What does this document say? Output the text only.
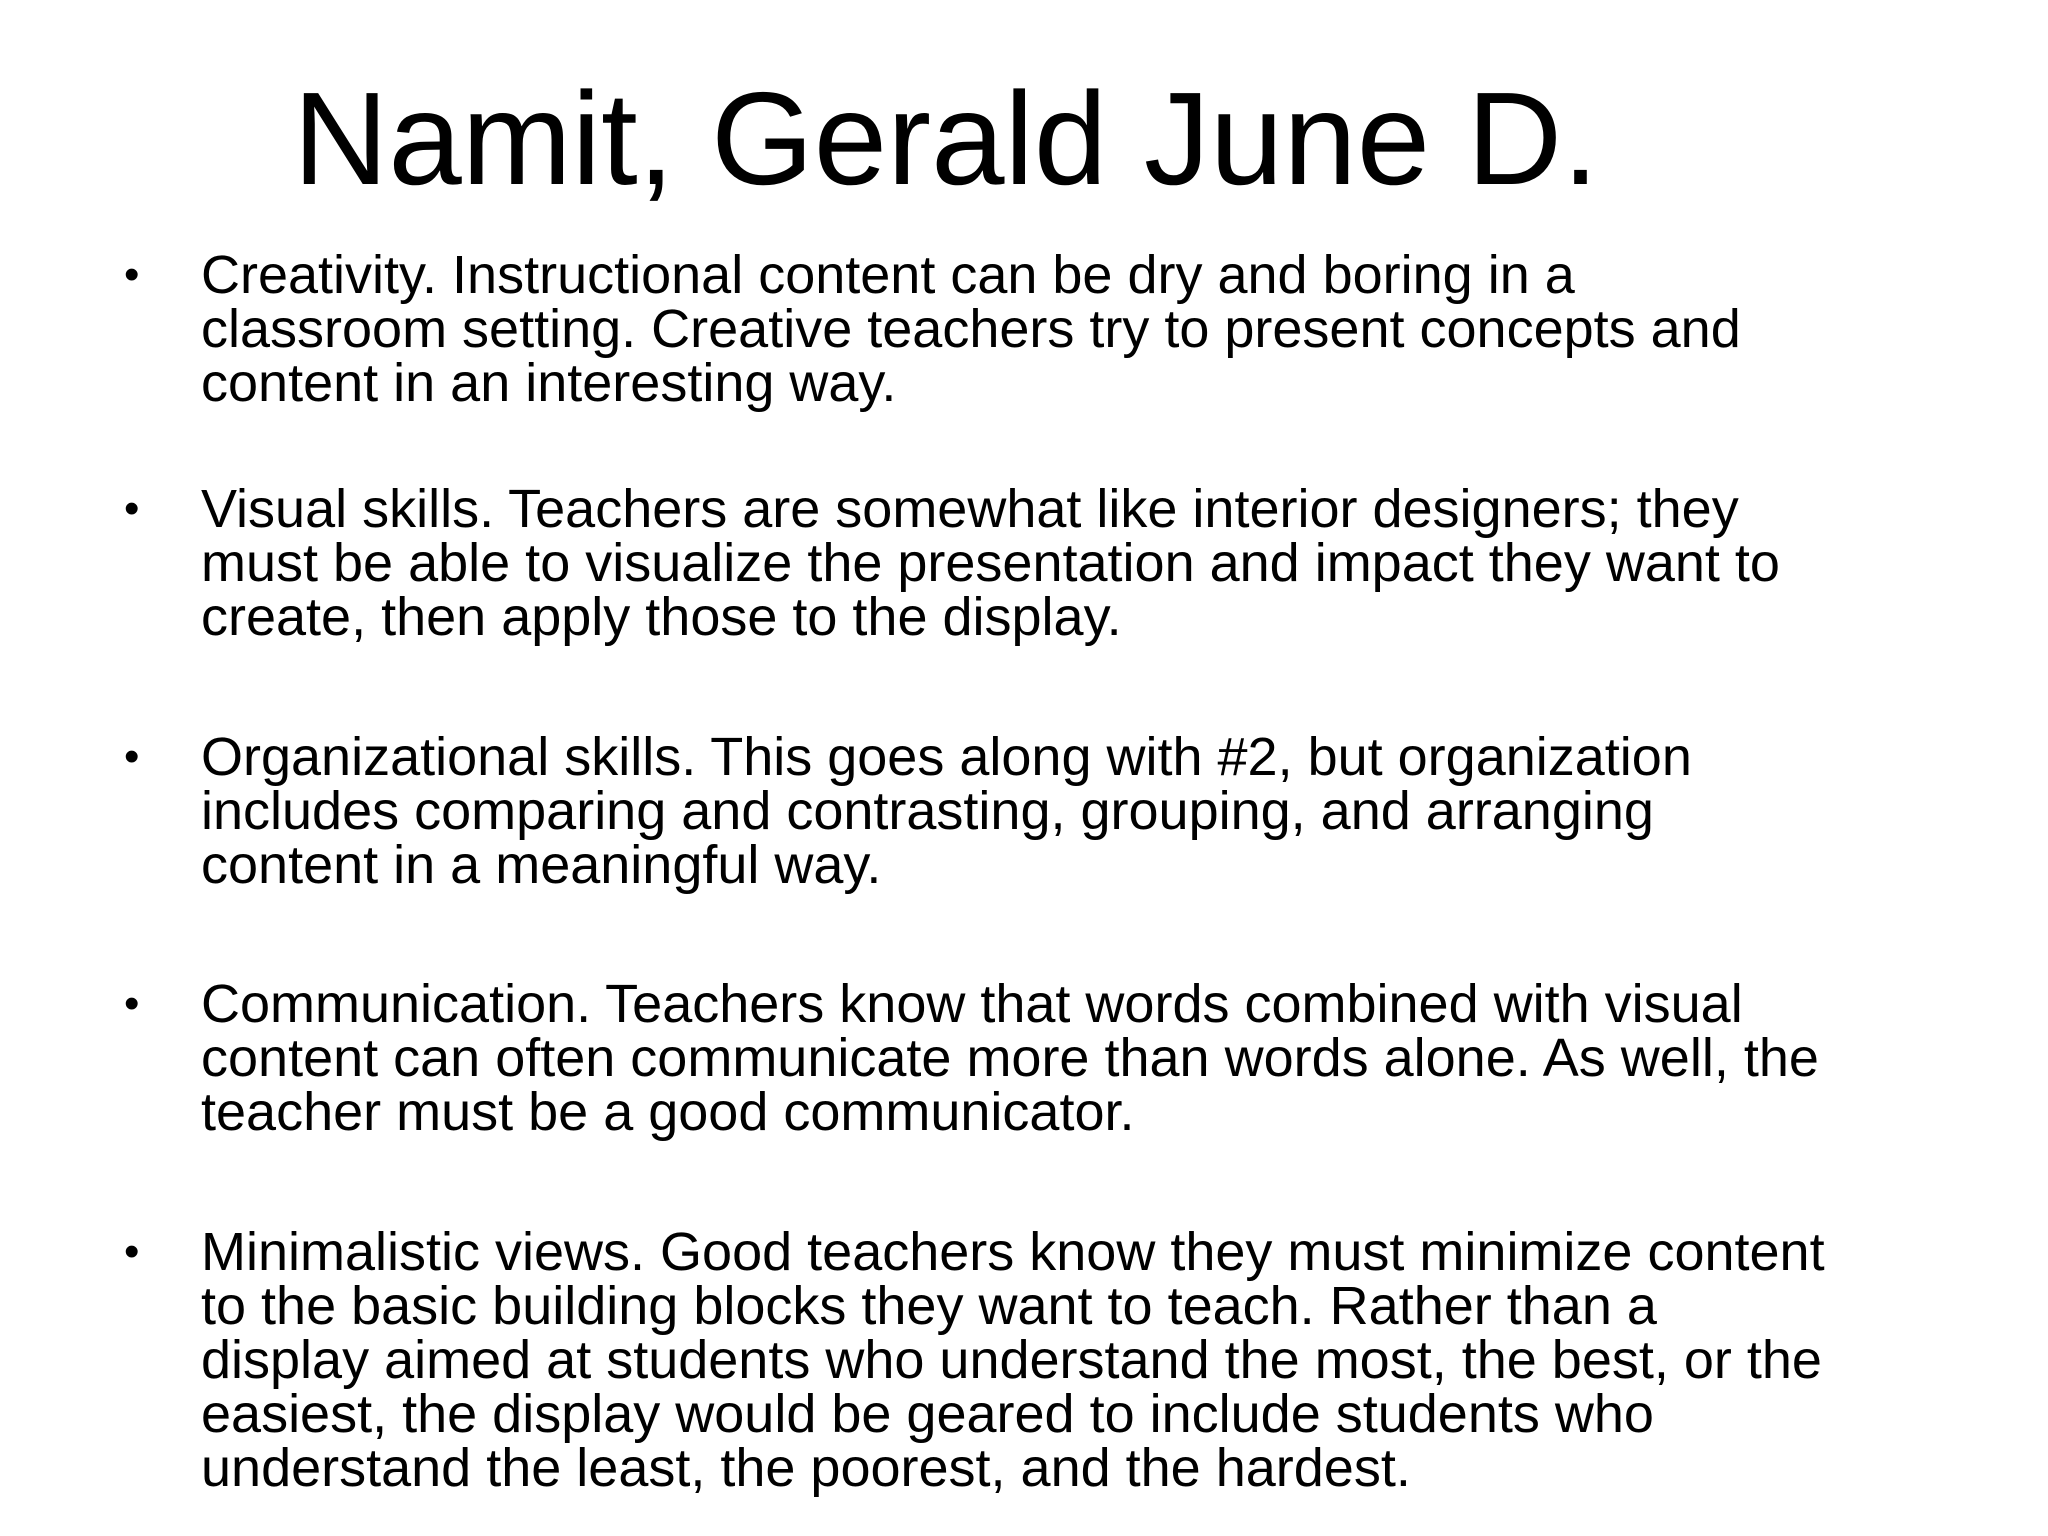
Namit, Gerald June D.
• Creativity. Instructional content can be dry and boring in a
classroom setting. Creative teachers try to present concepts and
content in an interesting way.
• Visual skills. Teachers are somewhat like interior designers; they
must be able to visualize the presentation and impact they want to
create, then apply those to the display.
• Organizational skills. This goes along with #2, but organization
includes comparing and contrasting, grouping, and arranging
content in a meaningful way.
• Communication. Teachers know that words combined with visual
content can often communicate more than words alone. As well, the
teacher must be a good communicator.
• Minimalistic views. Good teachers know they must minimize content
to the basic building blocks they want to teach. Rather than a
display aimed at students who understand the most, the best, or the
easiest, the display would be geared to include students who
understand the least, the poorest, and the hardest.
